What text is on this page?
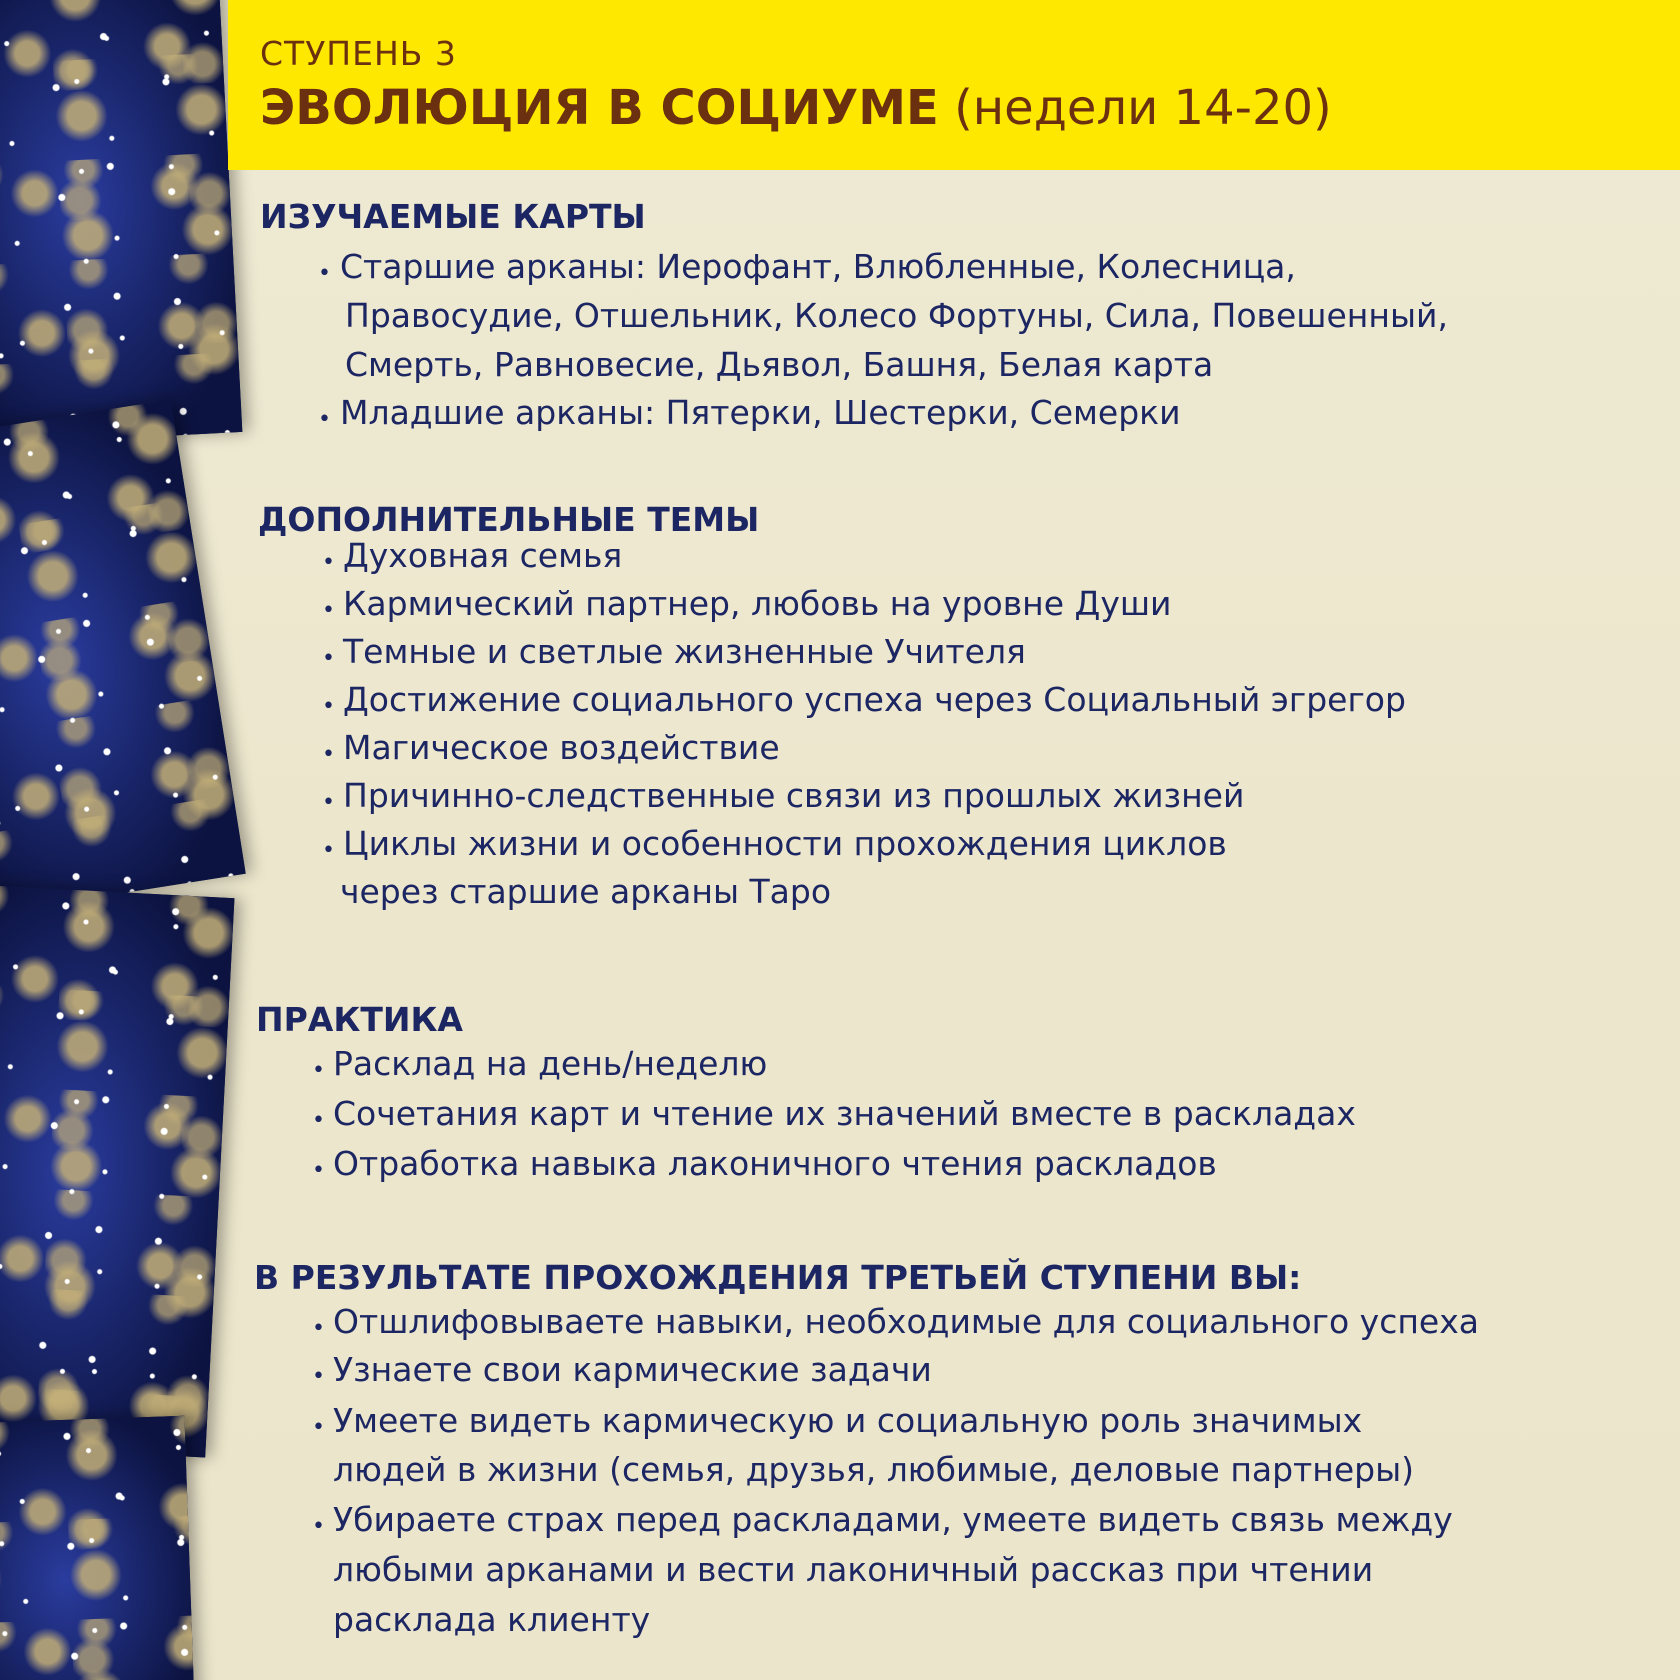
СТУПЕНЬ 3
ЭВОЛЮЦИЯ В СОЦИУМЕ (недели 14-20)
ИЗУЧАЕМЫЕ КАРТЫ
• Старшие арканы: Иерофант, Влюбленные, Колесница,
Правосудие, Отшельник, Колесо Фортуны, Сила, Повешенный,
Смерть, Равновесие, Дьявол, Башня, Белая карта
• Младшие арканы: Пятерки, Шестерки, Семерки
ДОПОЛНИТЕЛЬНЫЕ ТЕМЫ
• Духовная семья
• Кармический партнер, любовь на уровне Души
• Темные и светлые жизненные Учителя
• Достижение социального успеха через Социальный эгрегор
• Магическое воздействие
• Причинно-следственные связи из прошлых жизней
• Циклы жизни и особенности прохождения циклов
через старшие арканы Таро
ПРАКТИКА
• Расклад на день/неделю
• Сочетания карт и чтение их значений вместе в раскладах
• Отработка навыка лаконичного чтения раскладов
В РЕЗУЛЬТАТЕ ПРОХОЖДЕНИЯ ТРЕТЬЕЙ СТУПЕНИ ВЫ:
• Отшлифовываете навыки, необходимые для социального успеха
• Узнаете свои кармические задачи
• Умеете видеть кармическую и социальную роль значимых
людей в жизни (семья, друзья, любимые, деловые партнеры)
• Убираете страх перед раскладами, умеете видеть связь между
любыми арканами и вести лаконичный рассказ при чтении
расклада клиенту
